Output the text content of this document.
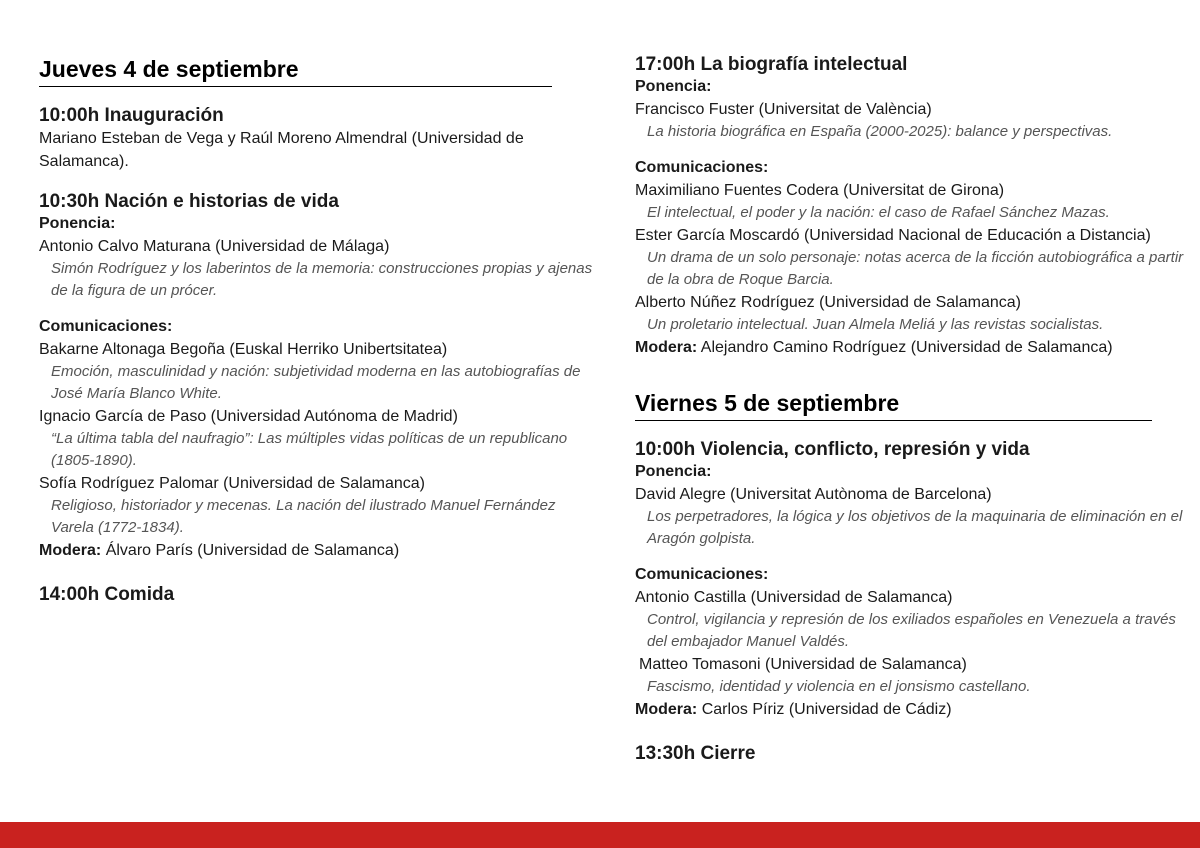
Jueves 4 de septiembre
10:00h Inauguración
Mariano Esteban de Vega y Raúl Moreno Almendral (Universidad de Salamanca).
10:30h Nación e historias de vida
Ponencia:
Antonio Calvo Maturana (Universidad de Málaga)
Simón Rodríguez y los laberintos de la memoria: construcciones propias y ajenas de la figura de un prócer.
Comunicaciones:
Bakarne Altonaga Begoña (Euskal Herriko Unibertsitatea)
Emoción, masculinidad y nación: subjetividad moderna en las autobiografías de José María Blanco White.
Ignacio García de Paso (Universidad Autónoma de Madrid)
“La última tabla del naufragio”: Las múltiples vidas políticas de un republicano (1805-1890).
Sofía Rodríguez Palomar (Universidad de Salamanca)
Religioso, historiador y mecenas. La nación del ilustrado Manuel Fernández Varela (1772-1834).
Modera: Álvaro París (Universidad de Salamanca)
14:00h Comida
17:00h La biografía intelectual
Ponencia:
Francisco Fuster (Universitat de València)
La historia biográfica en España (2000-2025): balance y perspectivas.
Comunicaciones:
Maximiliano Fuentes Codera (Universitat de Girona)
El intelectual, el poder y la nación: el caso de Rafael Sánchez Mazas.
Ester García Moscardó (Universidad Nacional de Educación a Distancia)
Un drama de un solo personaje: notas acerca de la ficción autobiográfica a partir de la obra de Roque Barcia.
Alberto Núñez Rodríguez (Universidad de Salamanca)
Un proletario intelectual. Juan Almela Meliá y las revistas socialistas.
Modera: Alejandro Camino Rodríguez (Universidad de Salamanca)
Viernes 5 de septiembre
10:00h Violencia, conflicto, represión y vida
Ponencia:
David Alegre (Universitat Autònoma de Barcelona)
Los perpetradores, la lógica y los objetivos de la maquinaria de eliminación en el Aragón golpista.
Comunicaciones:
Antonio Castilla (Universidad de Salamanca)
Control, vigilancia y represión de los exiliados españoles en Venezuela a través del embajador Manuel Valdés.
Matteo Tomasoni (Universidad de Salamanca)
Fascismo, identidad y violencia en el jonsismo castellano.
Modera: Carlos Píriz (Universidad de Cádiz)
13:30h Cierre
